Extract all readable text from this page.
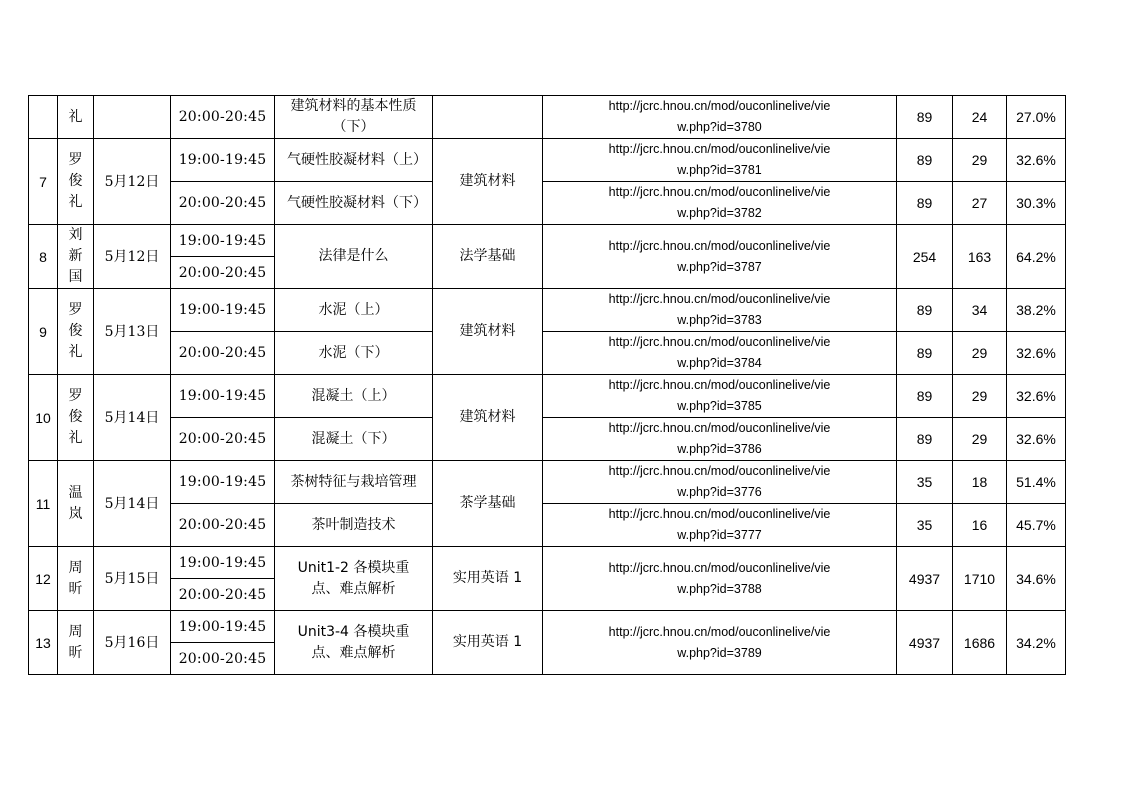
	礼		20:00-20:45	建筑材料的基本性质（下）		http://jcrc.hnou.cn/mod/ouconlinelive/view.php?id=3780	89	24	27.0%
7	罗俊礼	5月12日	19:00-19:45	气硬性胶凝材料（上）	建筑材料	http://jcrc.hnou.cn/mod/ouconlinelive/view.php?id=3781	89	29	32.6%
			20:00-20:45	气硬性胶凝材料（下）		http://jcrc.hnou.cn/mod/ouconlinelive/view.php?id=3782	89	27	30.3%
8	刘新国	5月12日	19:00-19:45	法律是什么	法学基础	http://jcrc.hnou.cn/mod/ouconlinelive/view.php?id=3787	254	163	64.2%
			20:00-20:45						
9	罗俊礼	5月13日	19:00-19:45	水泥（上）	建筑材料	http://jcrc.hnou.cn/mod/ouconlinelive/view.php?id=3783	89	34	38.2%
			20:00-20:45	水泥（下）		http://jcrc.hnou.cn/mod/ouconlinelive/view.php?id=3784	89	29	32.6%
10	罗俊礼	5月14日	19:00-19:45	混凝土（上）	建筑材料	http://jcrc.hnou.cn/mod/ouconlinelive/view.php?id=3785	89	29	32.6%
			20:00-20:45	混凝土（下）		http://jcrc.hnou.cn/mod/ouconlinelive/view.php?id=3786	89	29	32.6%
11	温岚	5月14日	19:00-19:45	茶树特征与栽培管理	茶学基础	http://jcrc.hnou.cn/mod/ouconlinelive/view.php?id=3776	35	18	51.4%
			20:00-20:45	茶叶制造技术		http://jcrc.hnou.cn/mod/ouconlinelive/view.php?id=3777	35	16	45.7%
12	周昕	5月15日	19:00-19:45	Unit1-2 各模块重点、难点解析	实用英语 1	http://jcrc.hnou.cn/mod/ouconlinelive/view.php?id=3788	4937	1710	34.6%
			20:00-20:45						
13	周昕	5月16日	19:00-19:45	Unit3-4 各模块重点、难点解析	实用英语 1	http://jcrc.hnou.cn/mod/ouconlinelive/view.php?id=3789	4937	1686	34.2%
			20:00-20:45						
